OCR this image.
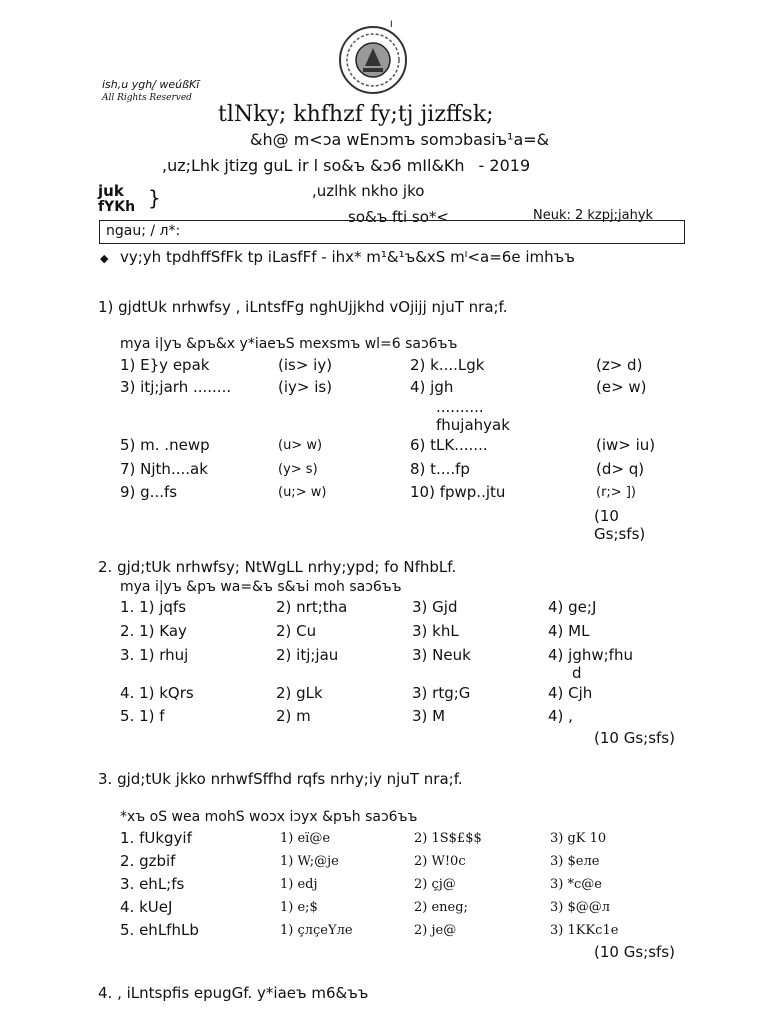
I
ish,u ygh/̨ weúßKī
All Rights Reserved
tlNky; khfhzf fy;tj jizffsk;
&h@ m<ɔa wEnɔmъ somɔbasiъ¹a=&
,uz;Lhk jtizg guL ir l so&ъ &ɔ6 mIl&Kh - 2019
juk
fYKh }	,uzlhk nkho jko
so&ъ fti so*<	Neuk: 2 kzpj;jahyk
ngau; / л*:
◆ vy;yh tpdhffSfFk tp iLasfFf - ihx* m¹&¹ъ&xS mᴵ<a=6e imhъъ
1) gjdtUk nrhwfsy , iLntsfFg nghUjjkhd vOjijj njuT nra;f.
mya i|yъ &pъ&x y*iaeъS mexsmъ wl=6 saɔ6ъъ
1) E}y epak	(is> iy)	2) k....Lgk	(z> d)
3) itj;jarh ........	(iy> is)	4) jgh	(e> w)
..........
fhujahyak
5) m. .newp	(u> w)	6) tLK.......	(iw> iu)
7) Njth....ak	(y> s)	8) t....fp	(d> q)
9) g...fs	(u;> w)	10) fpwp..jtu	(r;> ])
(10
Gs;sfs)
2. gjd;tUk nrhwfsy; NtWgLL nrhy;ypd; fo NfhbLf.
mya i|yъ &pъ wa=&ъ s&ъi moh saɔ6ъъ
1. 1) jqfs	2) nrt;tha	3) Gjd	4) ge;J
2. 1) Kay	2) Cu	3) khL	4) ML
3. 1) rhuj	2) itj;jau	3) Neuk	4) jghw;fhu
d
4. 1) kQrs	2) gLk	3) rtg;G	4) Cjh
5. 1) f	2) m	3) M	4) ,
(10 Gs;sfs)
3. gjd;tUk jkko nrhwfSffhd rqfs nrhy;iy njuT nra;f.
*xъ oS wea mohЅ woɔx iɔyx &pъh saɔ6ъъ
1. fUkgyif	1) eï@e	2) 1S$£$$	3) gK 10
2. gzbif	1) W;@je	2) W!0c	3) $eле
3. ehL;fs	1) edj	2) çj@	3) *c@e
4. kUeJ	1) e;$	2) eneg;	3) $@@л
5. ehLfhLb	1) çлçeYле	2) je@	3) 1KKc1e
(10 Gs;sfs)
4. , iLntspfis epugGf. y*iaeъ m6&ъъ
